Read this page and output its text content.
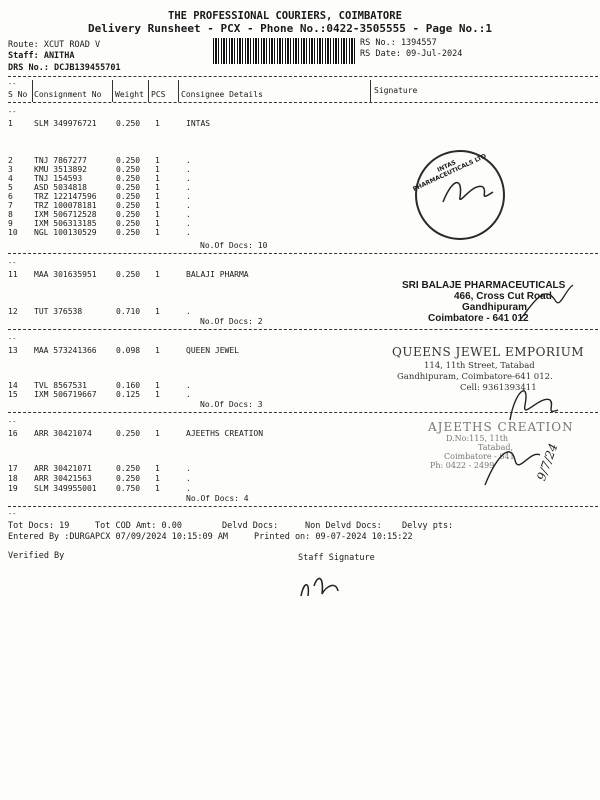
THE PROFESSIONAL COURIERS, COIMBATORE
Delivery Runsheet - PCX - Phone No.:0422-3505555 - Page No.:1
Route: XCUT ROAD V
Staff: ANITHA
DRS No.: DCJB139455701
RS No.: 1394557
RS Date: 09-Jul-2024
--
S No Consignment No Weight PCS Consignee Details	Signature
--
1	SLM 349976721 0.250 1	INTAS
2	TNJ 7867277	0.250 1	.
3	KMU 3513892	0.250 1	.
4	TNJ 154593	0.250 1	.
5	ASD 5034818	0.250 1	.
6	TRZ 122147596 0.250 1	.
7	TRZ 100078181 0.250 1	.
8	IXM 506712528 0.250 1	.
9	IXM 506313185 0.250 1	.
10 NGL 100130529 0.250 1	.
No.Of Docs: 10
--
11 MAA 301635951 0.250 1	BALAJI PHARMA
12 TUT 376538	0.710 1	.
No.Of Docs: 2
--
13 MAA 573241366 0.098 1	QUEEN JEWEL
14 TVL 8567531	0.160 1	.
15 IXM 506719667 0.125 1	.
No.Of Docs: 3
--
16 ARR 30421074	0.250 1	AJEETHS CREATION
17 ARR 30421071	0.250 1	.
18 ARR 30421563	0.250 1	.
19 SLM 349955001 0.750 1	.
No.Of Docs: 4
--
Tot Docs: 19	Tot COD Amt: 0.00	Delvd Docs:	Non Delvd Docs: Delvy pts:
Entered By :DURGAPCX 07/09/2024 10:15:09 AM	Printed on: 09-07-2024 10:15:22
Verified By	Staff Signature
INTAS PHARMACEUTICALS LTD
SRI BALAJE PHARMACEUTICALS
466, Cross Cut Road
Gandhipuram
Coimbatore - 641 012
QUEENS JEWEL EMPORIUM
114, 11th Street, Tatabad
Gandhipuram, Coimbatore-641 012.
Cell: 9361393411
AJEETHS CREATION
D.No:115, 11th
Tatabad,
Coimbatore - 641
Ph: 0422 - 2499	9/7/24
